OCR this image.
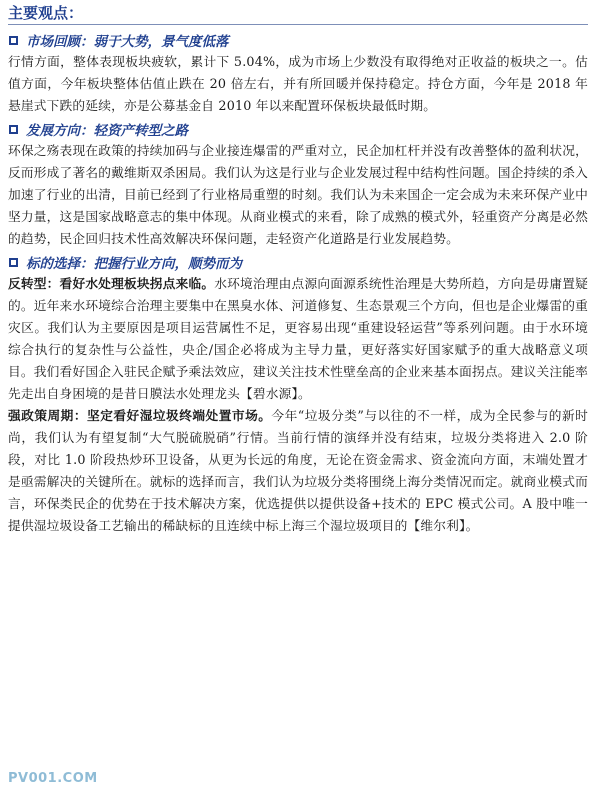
主要观点：
市场回顾：弱于大势，景气度低落
行情方面，整体表现板块疲软，累计下 5.04%，成为市场上少数没有取得绝对正收益的板块之一。估值方面，今年板块整体估值止跌在 20 倍左右，并有所回暖并保持稳定。持仓方面，今年是 2018 年悬崖式下跌的延续，亦是公募基金自 2010 年以来配置环保板块最低时期。
发展方向：轻资产转型之路
环保之殇表现在政策的持续加码与企业接连爆雷的严重对立，民企加杠杆并没有改善整体的盈利状况，反而形成了著名的戴维斯双杀困局。我们认为这是行业与企业发展过程中结构性问题。国企持续的杀入加速了行业的出清，目前已经到了行业格局重塑的时刻。我们认为未来国企一定会成为未来环保产业中坚力量，这是国家战略意志的集中体现。从商业模式的来看，除了成熟的模式外，轻重资产分离是必然的趋势，民企回归技术性高效解决环保问题，走轻资产化道路是行业发展趋势。
标的选择：把握行业方向，顺势而为
反转型：看好水处理板块拐点来临。水环境治理由点源向面源系统性治理是大势所趋，方向是毋庸置疑的。近年来水环境综合治理主要集中在黑臭水体、河道修复、生态景观三个方向，但也是企业爆雷的重灾区。我们认为主要原因是项目运营属性不足，更容易出现“重建设轻运营”等系列问题。由于水环境综合执行的复杂性与公益性，央企/国企必将成为主导力量，更好落实好国家赋予的重大战略意义项目。我们看好国企入驻民企赋予乘法效应，建议关注技术性壁垒高的企业来基本面拐点。建议关注能率先走出自身困境的是昔日膜法水处理龙头【碧水源】。
强政策周期：坚定看好湿垃圾终端处置市场。今年“垃圾分类”与以往的不一样，成为全民参与的新时尚，我们认为有望复制“大气脱硫脱硝”行情。当前行情的演绎并没有结束，垃圾分类将进入 2.0 阶段，对比 1.0 阶段热炒环卫设备，从更为长远的角度，无论在资金需求、资金流向方面，末端处置才是亟需解决的关键所在。就标的选择而言，我们认为垃圾分类将围绕上海分类情况而定。就商业模式而言，环保类民企的优势在于技术解决方案，优选提供以提供设备+技术的 EPC 模式公司。A 股中唯一提供湿垃圾设备工艺输出的稀缺标的且连续中标上海三个湿垃圾项目的【维尔利】。
PV001.COM
